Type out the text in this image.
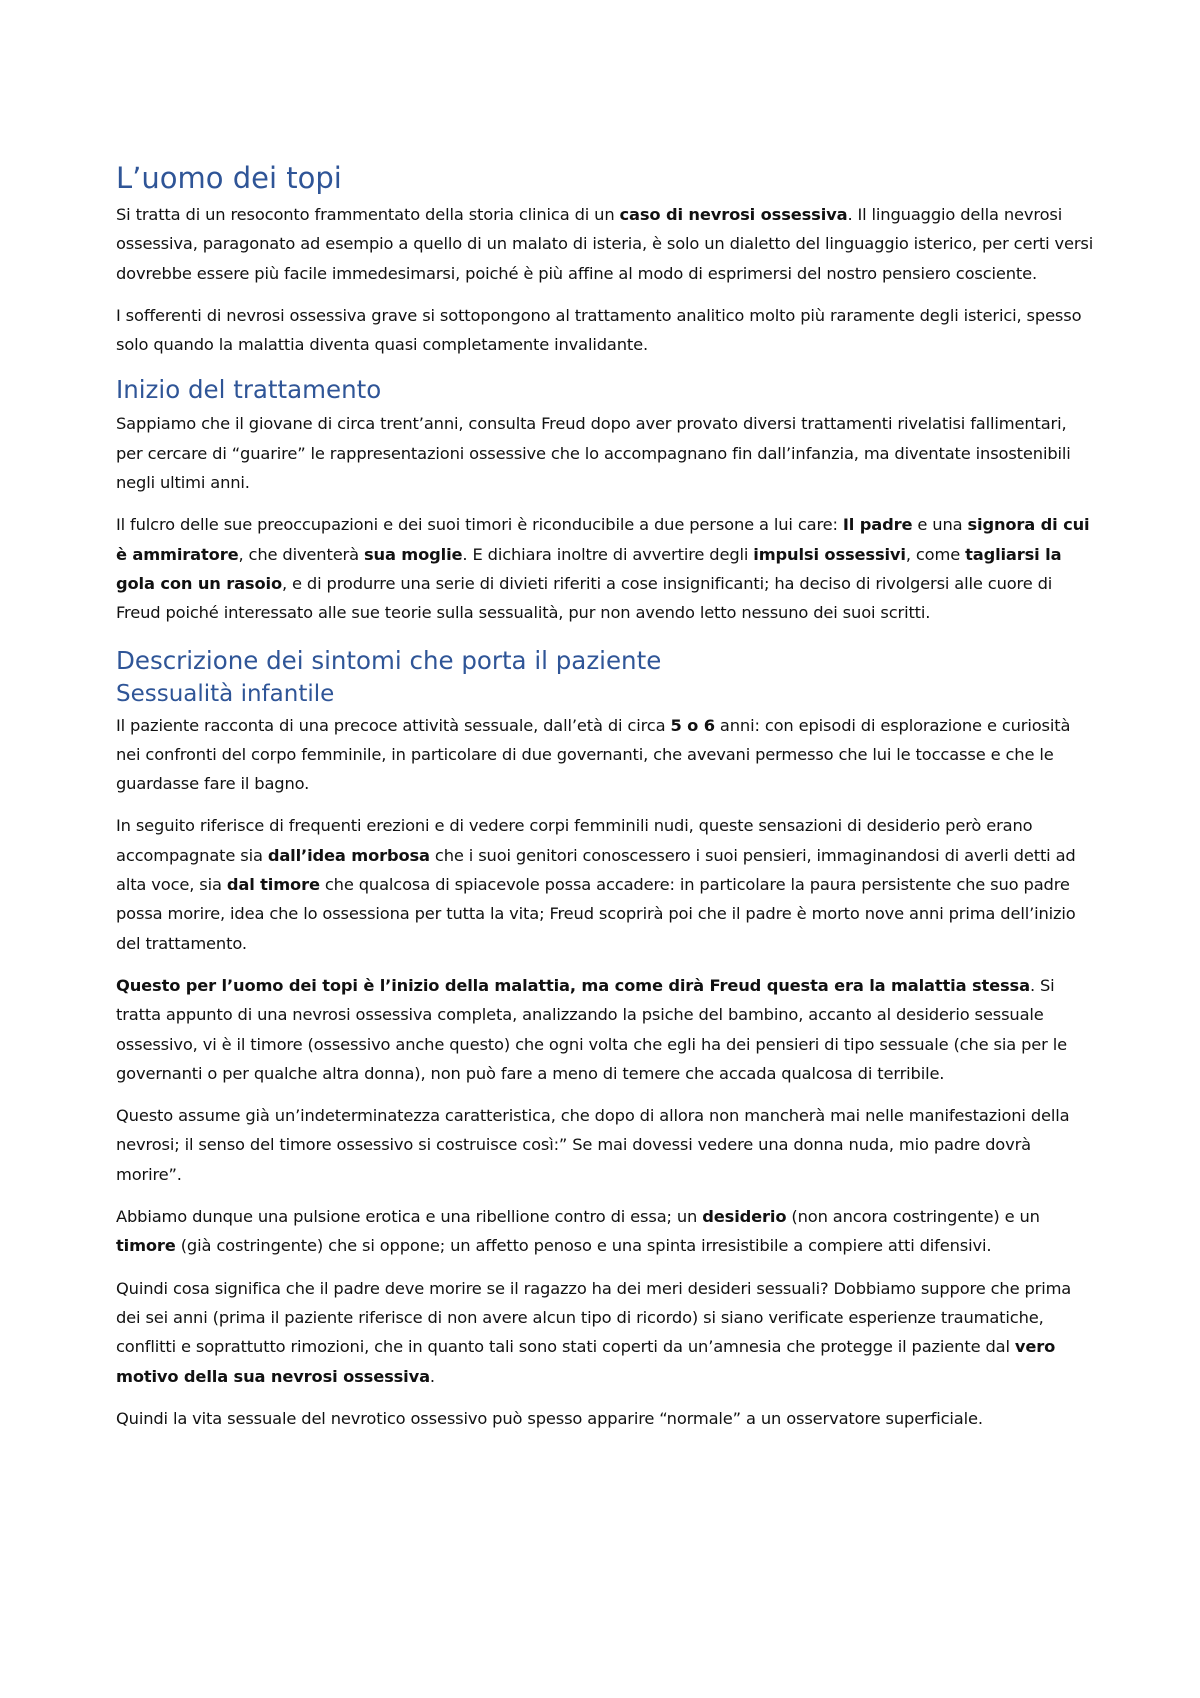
L’uomo dei topi

Si tratta di un resoconto frammentato della storia clinica di un caso di nevrosi ossessiva. Il linguaggio della nevrosi ossessiva, paragonato ad esempio a quello di un malato di isteria, è solo un dialetto del linguaggio isterico, per certi versi dovrebbe essere più facile immedesimarsi, poiché è più affine al modo di esprimersi del nostro pensiero cosciente.

I sofferenti di nevrosi ossessiva grave si sottopongono al trattamento analitico molto più raramente degli isterici, spesso solo quando la malattia diventa quasi completamente invalidante.

Inizio del trattamento

Sappiamo che il giovane di circa trent’anni, consulta Freud dopo aver provato diversi trattamenti rivelatisi fallimentari, per cercare di “guarire” le rappresentazioni ossessive che lo accompagnano fin dall’infanzia, ma diventate insostenibili negli ultimi anni.

Il fulcro delle sue preoccupazioni e dei suoi timori è riconducibile a due persone a lui care: Il padre e una signora di cui è ammiratore, che diventerà sua moglie. E dichiara inoltre di avvertire degli impulsi ossessivi, come tagliarsi la gola con un rasoio, e di produrre una serie di divieti riferiti a cose insignificanti; ha deciso di rivolgersi alle cuore di Freud poiché interessato alle sue teorie sulla sessualità, pur non avendo letto nessuno dei suoi scritti.

Descrizione dei sintomi che porta il paziente
Sessualità infantile

Il paziente racconta di una precoce attività sessuale, dall’età di circa 5 o 6 anni: con episodi di esplorazione e curiosità nei confronti del corpo femminile, in particolare di due governanti, che avevani permesso che lui le toccasse e che le guardasse fare il bagno.

In seguito riferisce di frequenti erezioni e di vedere corpi femminili nudi, queste sensazioni di desiderio però erano accompagnate sia dall’idea morbosa che i suoi genitori conoscessero i suoi pensieri, immaginandosi di averli detti ad alta voce, sia dal timore che qualcosa di spiacevole possa accadere: in particolare la paura persistente che suo padre possa morire, idea che lo ossessiona per tutta la vita; Freud scoprirà poi che il padre è morto nove anni prima dell’inizio del trattamento.

Questo per l’uomo dei topi è l’inizio della malattia, ma come dirà Freud questa era la malattia stessa. Si tratta appunto di una nevrosi ossessiva completa, analizzando la psiche del bambino, accanto al desiderio sessuale ossessivo, vi è il timore (ossessivo anche questo) che ogni volta che egli ha dei pensieri di tipo sessuale (che sia per le governanti o per qualche altra donna), non può fare a meno di temere che accada qualcosa di terribile.

Questo assume già un’indeterminatezza caratteristica, che dopo di allora non mancherà mai nelle manifestazioni della nevrosi; il senso del timore ossessivo si costruisce così:” Se mai dovessi vedere una donna nuda, mio padre dovrà morire”.

Abbiamo dunque una pulsione erotica e una ribellione contro di essa; un desiderio (non ancora costringente) e un timore (già costringente) che si oppone; un affetto penoso e una spinta irresistibile a compiere atti difensivi.

Quindi cosa significa che il padre deve morire se il ragazzo ha dei meri desideri sessuali? Dobbiamo suppore che prima dei sei anni (prima il paziente riferisce di non avere alcun tipo di ricordo) si siano verificate esperienze traumatiche, conflitti e soprattutto rimozioni, che in quanto tali sono stati coperti da un’amnesia che protegge il paziente dal vero motivo della sua nevrosi ossessiva.

Quindi la vita sessuale del nevrotico ossessivo può spesso apparire “normale” a un osservatore superficiale.
